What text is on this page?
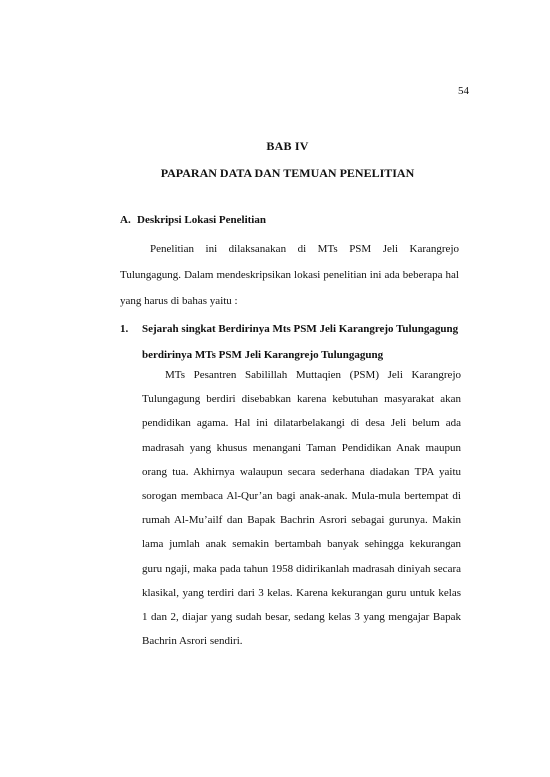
54
BAB IV
PAPARAN DATA DAN TEMUAN PENELITIAN
A. Deskripsi Lokasi Penelitian

Penelitian ini dilaksanakan di MTs PSM Jeli Karangrejo Tulungagung. Dalam mendeskripsikan lokasi penelitian ini ada beberapa hal yang harus di bahas yaitu :

1. Sejarah singkat Berdirinya Mts PSM Jeli Karangrejo Tulungagung
berdirinya MTs PSM Jeli Karangrejo Tulungagung

MTs Pesantren Sabilillah Muttaqien (PSM) Jeli Karangrejo Tulungagung berdiri disebabkan karena kebutuhan masyarakat akan pendidikan agama. Hal ini dilatarbelakangi di desa Jeli belum ada madrasah yang khusus menangani Taman Pendidikan Anak maupun orang tua. Akhirnya walaupun secara sederhana diadakan TPA yaitu sorogan membaca Al-Qur’an bagi anak-anak. Mula-mula bertempat di rumah Al-Mu’ailf dan Bapak Bachrin Asrori sebagai gurunya. Makin lama jumlah anak semakin bertambah banyak sehingga kekurangan guru ngaji, maka pada tahun 1958 didirikanlah madrasah diniyah secara klasikal, yang terdiri dari 3 kelas. Karena kekurangan guru untuk kelas 1 dan 2, diajar yang sudah besar, sedang kelas 3 yang mengajar Bapak Bachrin Asrori sendiri.
